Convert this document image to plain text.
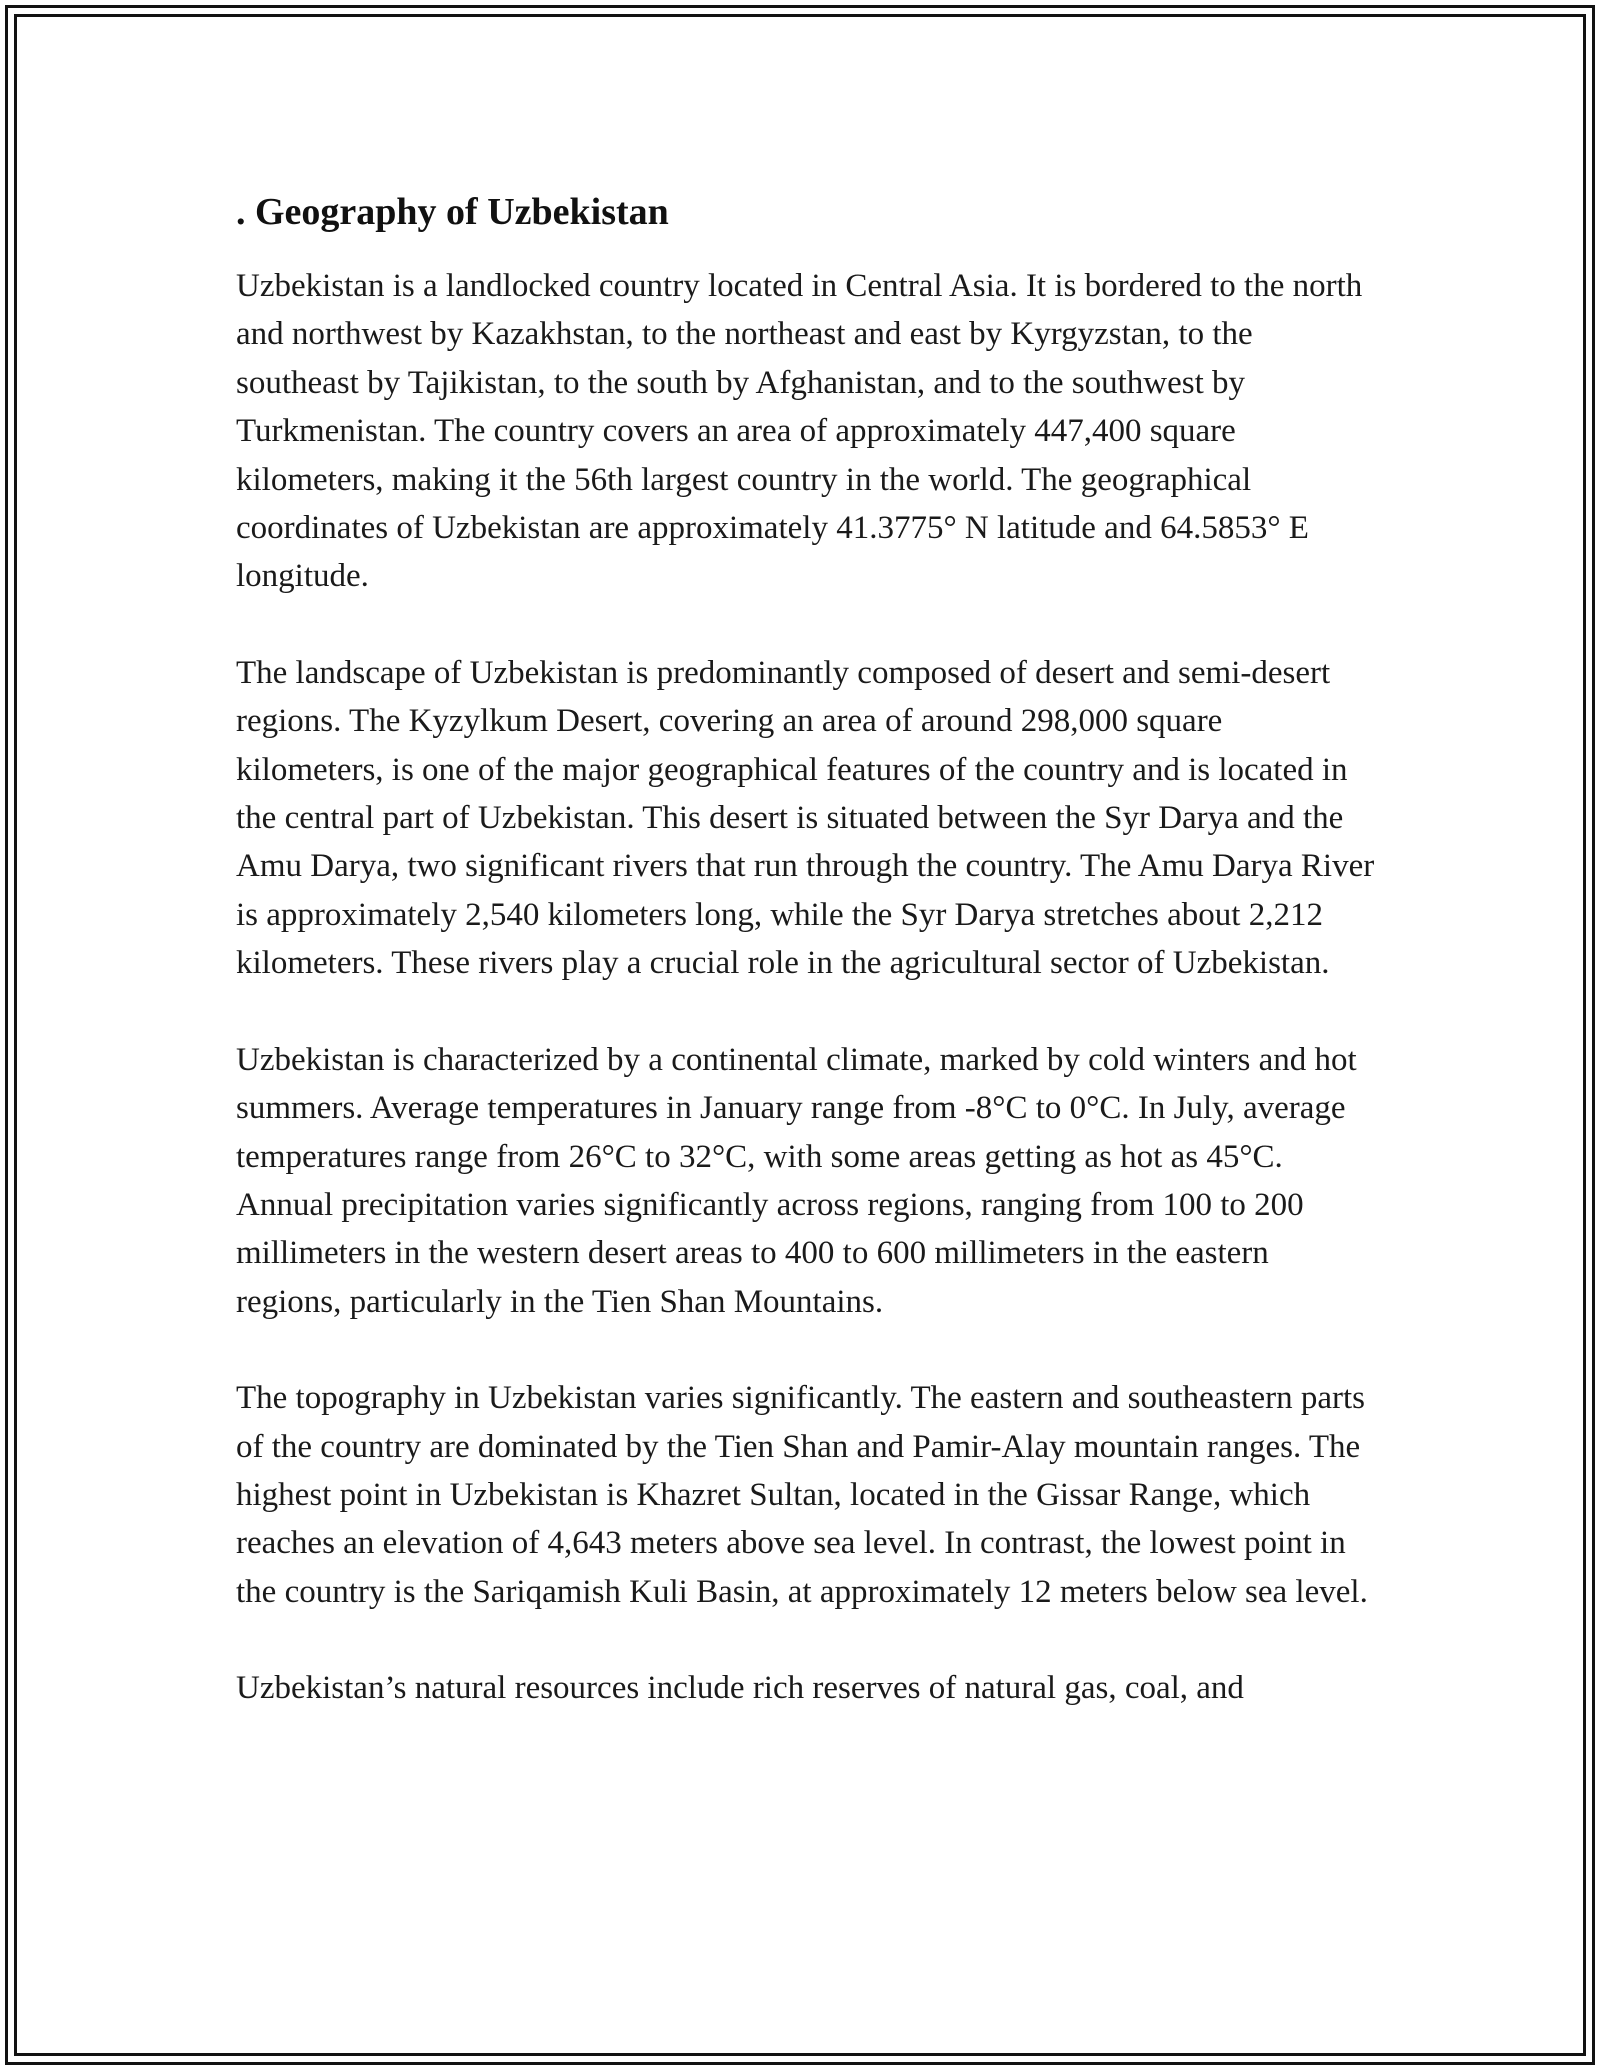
. Geography of Uzbekistan

Uzbekistan is a landlocked country located in Central Asia. It is bordered to the north and northwest by Kazakhstan, to the northeast and east by Kyrgyzstan, to the southeast by Tajikistan, to the south by Afghanistan, and to the southwest by Turkmenistan. The country covers an area of approximately 447,400 square kilometers, making it the 56th largest country in the world. The geographical coordinates of Uzbekistan are approximately 41.3775° N latitude and 64.5853° E longitude.

The landscape of Uzbekistan is predominantly composed of desert and semi-desert regions. The Kyzylkum Desert, covering an area of around 298,000 square kilometers, is one of the major geographical features of the country and is located in the central part of Uzbekistan. This desert is situated between the Syr Darya and the Amu Darya, two significant rivers that run through the country. The Amu Darya River is approximately 2,540 kilometers long, while the Syr Darya stretches about 2,212 kilometers. These rivers play a crucial role in the agricultural sector of Uzbekistan.

Uzbekistan is characterized by a continental climate, marked by cold winters and hot summers. Average temperatures in January range from -8°C to 0°C. In July, average temperatures range from 26°C to 32°C, with some areas getting as hot as 45°C. Annual precipitation varies significantly across regions, ranging from 100 to 200 millimeters in the western desert areas to 400 to 600 millimeters in the eastern regions, particularly in the Tien Shan Mountains.

The topography in Uzbekistan varies significantly. The eastern and southeastern parts of the country are dominated by the Tien Shan and Pamir-Alay mountain ranges. The highest point in Uzbekistan is Khazret Sultan, located in the Gissar Range, which reaches an elevation of 4,643 meters above sea level. In contrast, the lowest point in the country is the Sariqamish Kuli Basin, at approximately 12 meters below sea level.

Uzbekistan’s natural resources include rich reserves of natural gas, coal, and
